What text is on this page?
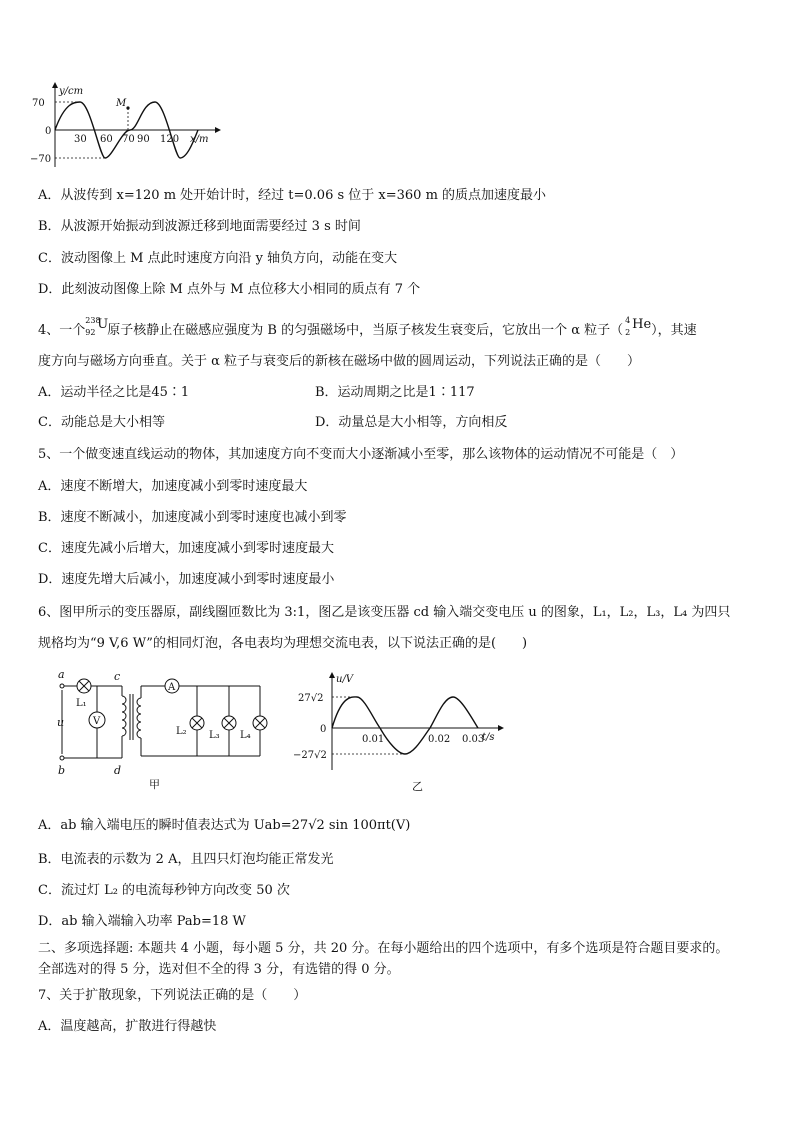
y/cm
70
0
−70
30 60 70 90 120 x/m
M
A．从波传到 x=120 m 处开始计时，经过 t=0.06 s 位于 x=360 m 的质点加速度最小
B．从波源开始振动到波源迁移到地面需要经过 3 s 时间
C．波动图像上 M 点此时速度方向沿 y 轴负方向，动能在变大
D．此刻波动图像上除 M 点外与 M 点位移大小相同的质点有 7 个
4、一个
238
92
U 原子核静止在磁感应强度为 B 的匀强磁场中，当原子核发生衰变后，它放出一个 α 粒子（
4
2
He ），其速
度方向与磁场方向垂直。关于 α 粒子与衰变后的新核在磁场中做的圆周运动，下列说法正确的是（　　）
A．运动半径之比是45∶1	B．运动周期之比是1∶117
C．动能总是大小相等	D．动量总是大小相等，方向相反
5、一个做变速直线运动的物体，其加速度方向不变而大小逐渐减小至零，那么该物体的运动情况不可能是（　）
A．速度不断增大，加速度减小到零时速度最大
B．速度不断减小，加速度减小到零时速度也减小到零
C．速度先减小后增大，加速度减小到零时速度最大
D．速度先增大后减小，加速度减小到零时速度最小
6、图甲所示的变压器原，副线圈匝数比为 3:1，图乙是该变压器 cd 输入端交变电压 u 的图象，L₁，L₂，L₃，L₄ 为四只
规格均为“9 V,6 W”的相同灯泡，各电表均为理想交流电表，以下说法正确的是(　　)
a
b
c
d
u
L₁
V
A
L₂ L₃ L₄
甲
u/V
27√2
0
−27√2
0.01	0.02 0.03
t/s
乙
A．ab 输入端电压的瞬时值表达式为 Uab=27√2 sin 100πt(V)
B．电流表的示数为 2 A，且四只灯泡均能正常发光
C．流过灯 L₂ 的电流每秒钟方向改变 50 次
D．ab 输入端输入功率 Pab=18 W
二、多项选择题: 本题共 4 小题，每小题 5 分，共 20 分。在每小题给出的四个选项中，有多个选项是符合题目要求的。
全部选对的得 5 分，选对但不全的得 3 分，有选错的得 0 分。
7、关于扩散现象，下列说法正确的是（　　）
A．温度越高，扩散进行得越快
